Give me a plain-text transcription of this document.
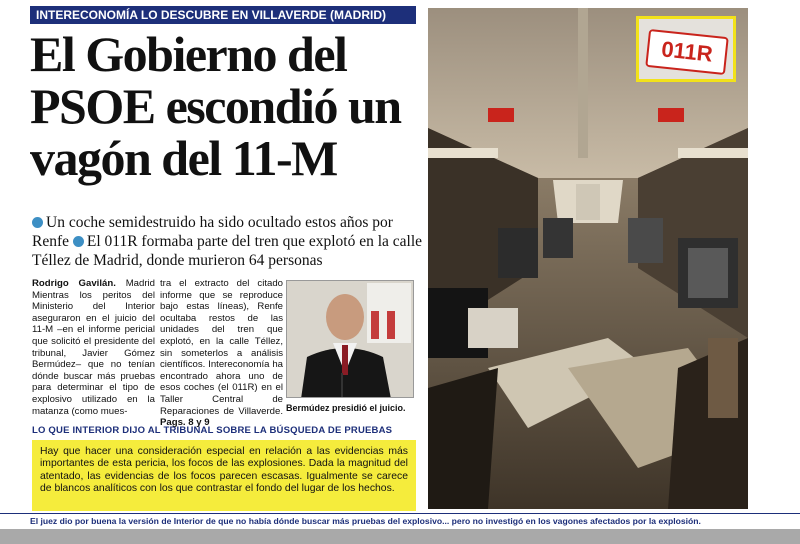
INTERECONOMÍA LO DESCUBRE EN VILLAVERDE (MADRID)
El Gobierno del PSOE escondió un vagón del 11-M
Un coche semidestruido ha sido ocultado estos años por Renfe El 011R formaba parte del tren que explotó en la calle Téllez de Madrid, donde murieron 64 personas
Rodrigo Gavilán. Madrid Mientras los peritos del Ministerio del Interior aseguraron en el juicio del 11-M –en el informe pericial que solicitó el presidente del tribunal, Javier Gómez Bermúdez– que no tenían dónde buscar más pruebas para determinar el tipo de explosivo utilizado en la matanza (como mues-
tra el extracto del citado informe que se reproduce bajo estas líneas), Renfe ocultaba restos de las unidades del tren que explotó, en la calle Téllez, sin someterlos a análisis científicos. Intereconomía ha encontrado ahora uno de esos coches (el 011R) en el Taller Central de Reparaciones de Villaverde. Pags. 8 y 9
Bermúdez presidió el juicio.
LO QUE INTERIOR DIJO AL TRIBUNAL SOBRE LA BÚSQUEDA DE PRUEBAS

Hay que hacer una consideración especial en relación a las evidencias más importantes de esta pericia, los focos de las explosiones. Dada la magnitud del atentado, las evidencias de los focos parecen escasas. Igualmente se carece de blancos analíticos con los que contrastar el fondo del lugar de los hechos.

El juez dio por buena la versión de Interior de que no había dónde buscar más pruebas del explosivo... pero no investigó en los vagones afectados por la explosión.
011R
